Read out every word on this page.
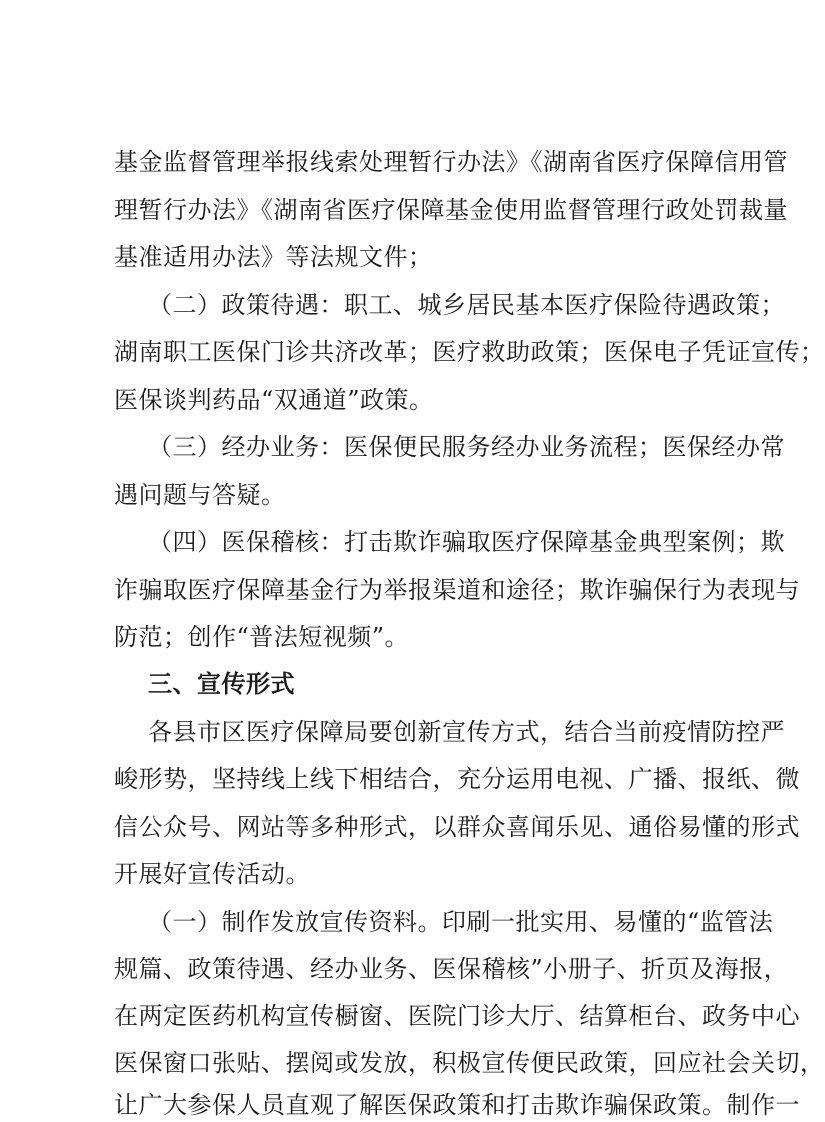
基金监督管理举报线索处理暂行办法》《湖南省医疗保障信用管
理暂行办法》《湖南省医疗保障基金使用监督管理行政处罚裁量
基准适用办法》等法规文件；
（二）政策待遇：职工、城乡居民基本医疗保险待遇政策；
湖南职工医保门诊共济改革；医疗救助政策；医保电子凭证宣传；
医保谈判药品“双通道”政策。
（三）经办业务：医保便民服务经办业务流程；医保经办常
遇问题与答疑。
（四）医保稽核：打击欺诈骗取医疗保障基金典型案例；欺
诈骗取医疗保障基金行为举报渠道和途径；欺诈骗保行为表现与
防范；创作“普法短视频”。
三、宣传形式
各县市区医疗保障局要创新宣传方式，结合当前疫情防控严
峻形势，坚持线上线下相结合，充分运用电视、广播、报纸、微
信公众号、网站等多种形式，以群众喜闻乐见、通俗易懂的形式
开展好宣传活动。
（一）制作发放宣传资料。印刷一批实用、易懂的“监管法
规篇、政策待遇、经办业务、医保稽核”小册子、折页及海报，
在两定医药机构宣传橱窗、医院门诊大厅、结算柜台、政务中心
医保窗口张贴、摆阅或发放，积极宣传便民政策，回应社会关切，
让广大参保人员直观了解医保政策和打击欺诈骗保政策。制作一
